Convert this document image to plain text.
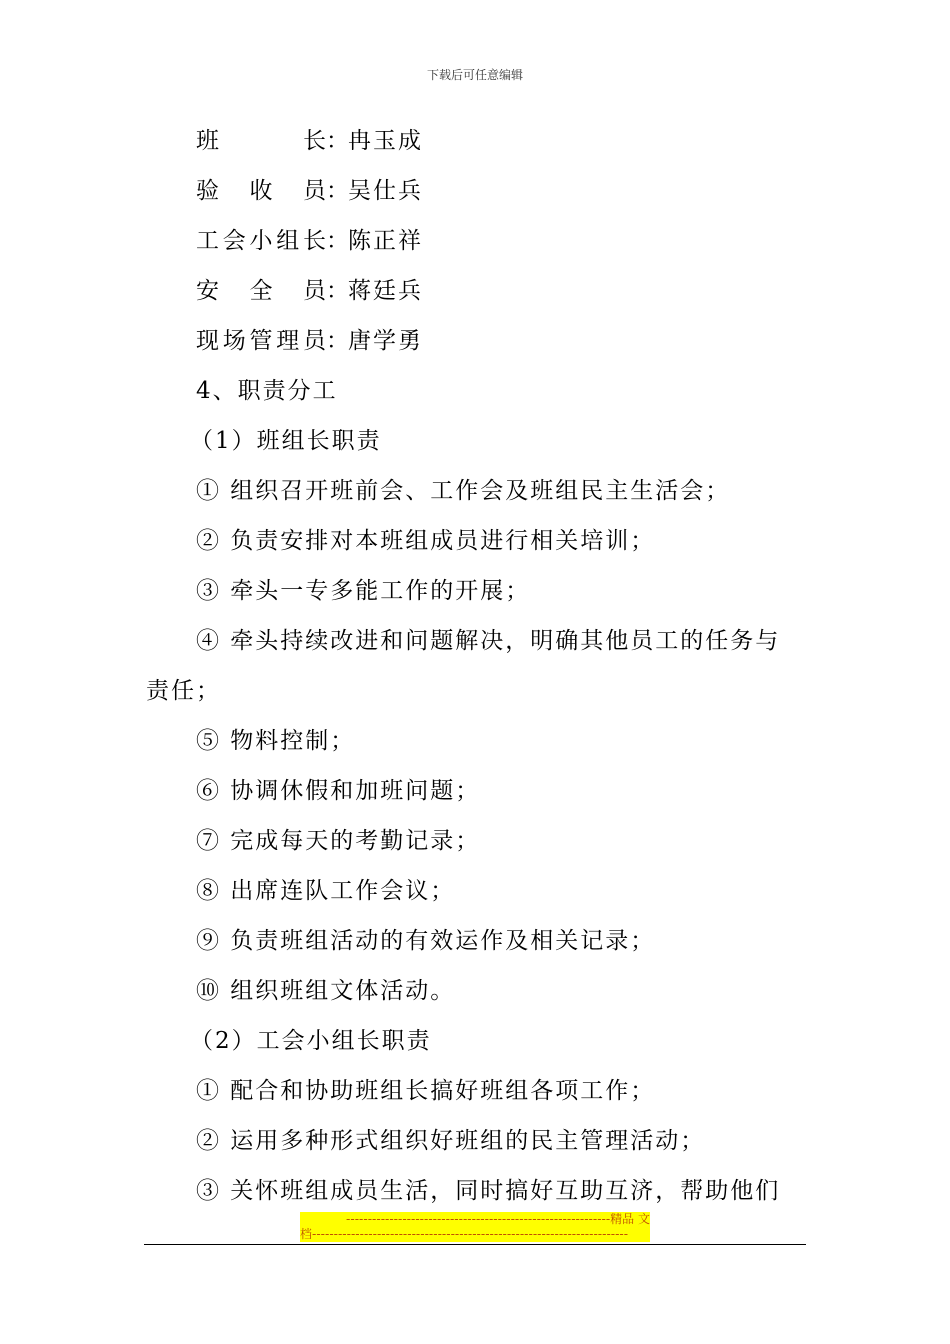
下载后可任意编辑
班长：冉玉成
验收员：吴仕兵
工会小组长：陈正祥
安全员：蒋廷兵
现场管理员：唐学勇
4、职责分工
（1）班组长职责
① 组织召开班前会、工作会及班组民主生活会；
② 负责安排对本班组成员进行相关培训；
③ 牵头一专多能工作的开展；
④ 牵头持续改进和问题解决，明确其他员工的任务与
责任；
⑤ 物料控制；
⑥ 协调休假和加班问题；
⑦ 完成每天的考勤记录；
⑧ 出席连队工作会议；
⑨ 负责班组活动的有效运作及相关记录；
⑩ 组织班组文体活动。
（2）工会小组长职责
① 配合和协助班组长搞好班组各项工作；
② 运用多种形式组织好班组的民主管理活动；
③ 关怀班组成员生活，同时搞好互助互济，帮助他们
-------------------------------------------------------------精品 文
档-------------------------------------------------------------------------
